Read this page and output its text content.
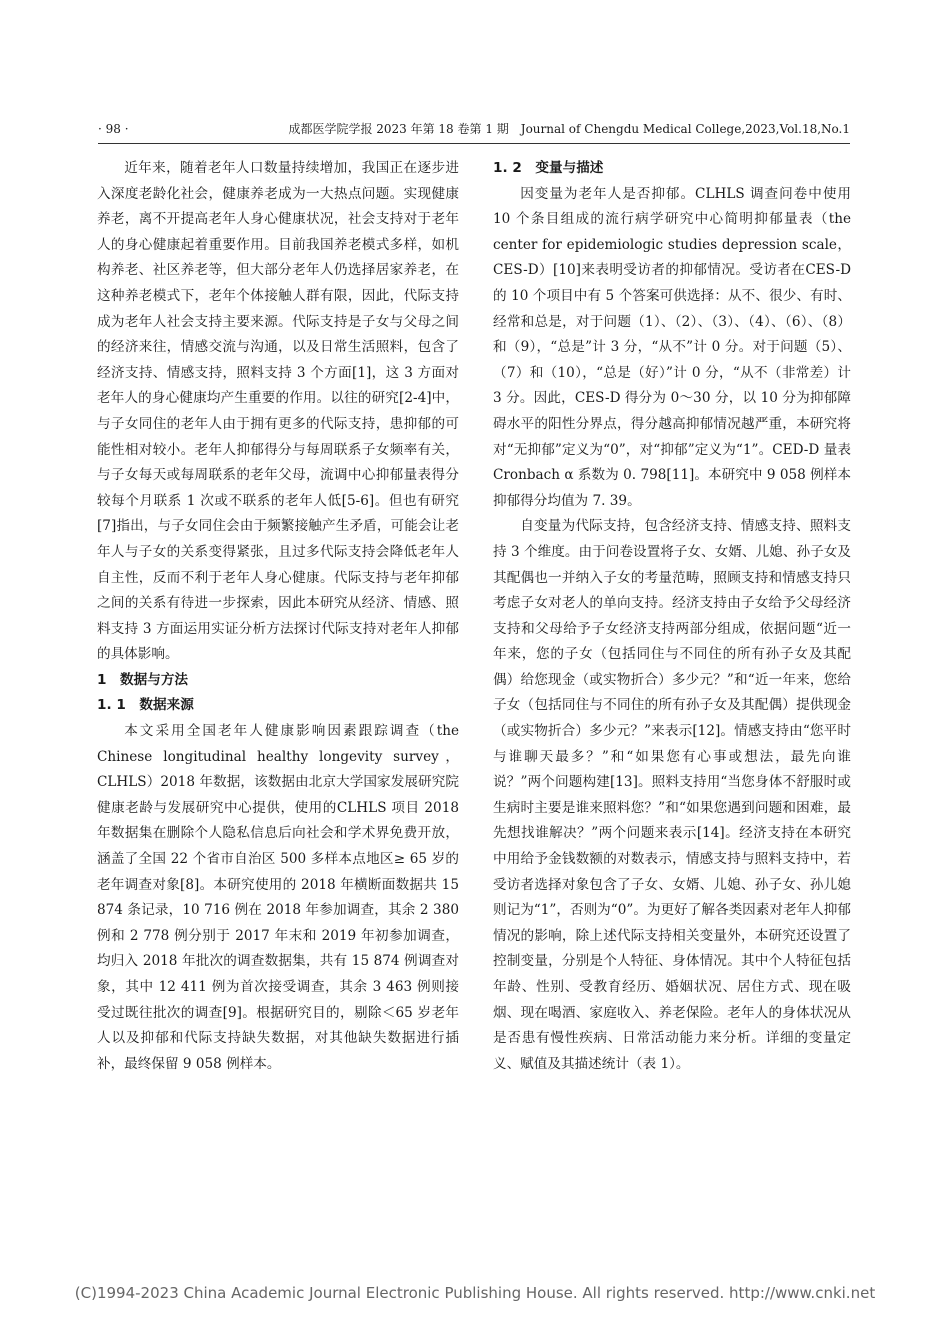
· 98 ·	成都医学院学报 2023 年第 18 卷第 1 期　Journal of Chengdu Medical College,2023,Vol.18,No.1

近年来，随着老年人口数量持续增加，我国正在逐步进入深度老龄化社会，健康养老成为一大热点问题。实现健康养老，离不开提高老年人身心健康状况，社会支持对于老年人的身心健康起着重要作用。目前我国养老模式多样，如机构养老、社区养老等，但大部分老年人仍选择居家养老，在这种养老模式下，老年个体接触人群有限，因此，代际支持成为老年人社会支持主要来源。代际支持是子女与父母之间的经济来往，情感交流与沟通，以及日常生活照料，包含了经济支持、情感支持，照料支持 3 个方面[1]，这 3 方面对老年人的身心健康均产生重要的作用。以往的研究[2-4]中，与子女同住的老年人由于拥有更多的代际支持，患抑郁的可能性相对较小。老年人抑郁得分与每周联系子女频率有关，与子女每天或每周联系的老年父母，流调中心抑郁量表得分较每个月联系 1 次或不联系的老年人低[5-6]。但也有研究[7]指出，与子女同住会由于频繁接触产生矛盾，可能会让老年人与子女的关系变得紧张，且过多代际支持会降低老年人自主性，反而不利于老年人身心健康。代际支持与老年抑郁之间的关系有待进一步探索，因此本研究从经济、情感、照料支持 3 方面运用实证分析方法探讨代际支持对老年人抑郁的具体影响。

1　数据与方法
1. 1　数据来源

本文采用全国老年人健康影响因素跟踪调查（the Chinese longitudinal healthy longevity survey，CLHLS）2018 年数据，该数据由北京大学国家发展研究院健康老龄与发展研究中心提供，使用的CLHLS 项目 2018 年数据集在删除个人隐私信息后向社会和学术界免费开放，涵盖了全国 22 个省市自治区 500 多样本点地区≥ 65 岁的老年调查对象[8]。本研究使用的 2018 年横断面数据共 15 874 条记录，10 716 例在 2018 年参加调查，其余 2 380 例和 2 778 例分别于 2017 年末和 2019 年初参加调查，均归入 2018 年批次的调查数据集，共有 15 874 例调查对象，其中 12 411 例为首次接受调查，其余 3 463 例则接受过既往批次的调查[9]。根据研究目的，剔除＜65 岁老年人以及抑郁和代际支持缺失数据，对其他缺失数据进行插补，最终保留 9 058 例样本。

1. 2　变量与描述

因变量为老年人是否抑郁。CLHLS 调查问卷中使用 10 个条目组成的流行病学研究中心简明抑郁量表（the center for epidemiologic studies depression scale，CES-D）[10]来表明受访者的抑郁情况。受访者在CES-D 的 10 个项目中有 5 个答案可供选择：从不、很少、有时、经常和总是，对于问题（1）、（2）、（3）、（4）、（6）、（8）和（9），“总是”计 3 分，“从不”计 0 分。对于问题（5）、（7）和（10），“总是（好）”计 0 分，“从不（非常差）计 3 分。因此，CES-D 得分为 0～30 分，以 10 分为抑郁障碍水平的阳性分界点，得分越高抑郁情况越严重，本研究将对“无抑郁”定义为“0”，对“抑郁”定义为“1”。CED-D 量表 Cronbach α 系数为 0. 798[11]。本研究中 9 058 例样本抑郁得分均值为 7. 39。

自变量为代际支持，包含经济支持、情感支持、照料支持 3 个维度。由于问卷设置将子女、女婿、儿媳、孙子女及其配偶也一并纳入子女的考量范畴，照顾支持和情感支持只考虑子女对老人的单向支持。经济支持由子女给予父母经济支持和父母给予子女经济支持两部分组成，依据问题“近一年来，您的子女（包括同住与不同住的所有孙子女及其配偶）给您现金（或实物折合）多少元？”和“近一年来，您给子女（包括同住与不同住的所有孙子女及其配偶）提供现金（或实物折合）多少元？”来表示[12]。情感支持由“您平时与谁聊天最多？”和“如果您有心事或想法，最先向谁说？”两个问题构建[13]。照料支持用“当您身体不舒服时或生病时主要是谁来照料您？”和“如果您遇到问题和困难，最先想找谁解决？”两个问题来表示[14]。经济支持在本研究中用给予金钱数额的对数表示，情感支持与照料支持中，若受访者选择对象包含了子女、女婿、儿媳、孙子女、孙儿媳则记为“1”，否则为“0”。为更好了解各类因素对老年人抑郁情况的影响，除上述代际支持相关变量外，本研究还设置了控制变量，分别是个人特征、身体情况。其中个人特征包括年龄、性别、受教育经历、婚姻状况、居住方式、现在吸烟、现在喝酒、家庭收入、养老保险。老年人的身体状况从是否患有慢性疾病、日常活动能力来分析。详细的变量定义、赋值及其描述统计（表 1）。

(C)1994-2023 China Academic Journal Electronic Publishing House. All rights reserved. http://www.cnki.net
